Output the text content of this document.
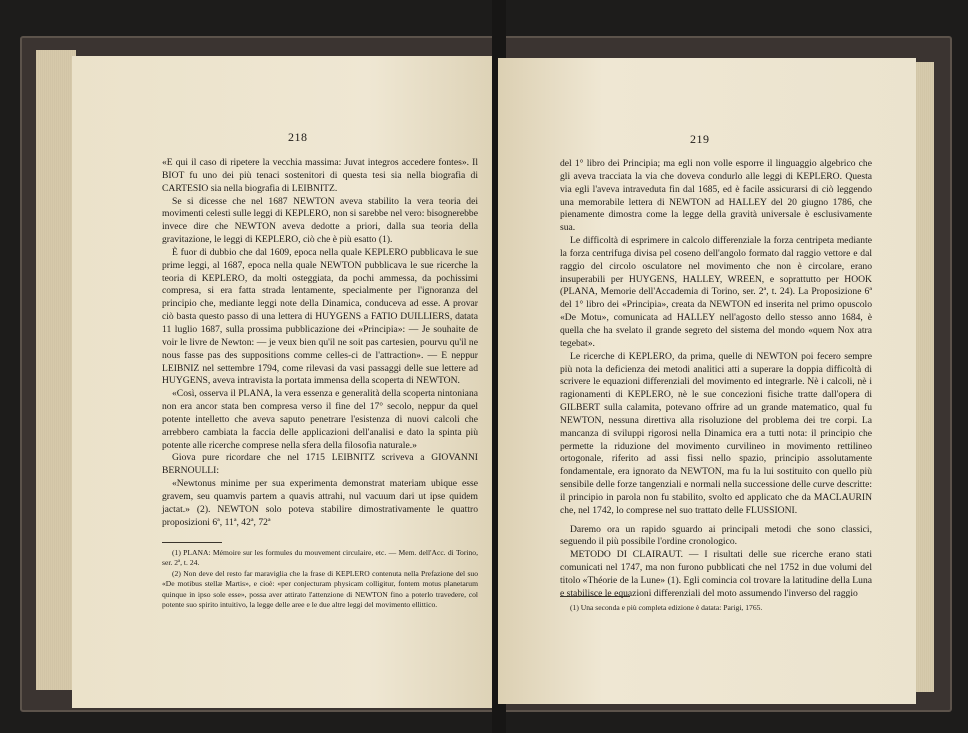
218

«E qui il caso di ripetere la vecchia massima: Juvat integros accedere fontes». Il BIOT fu uno dei più tenaci sostenitori di questa tesi sia nella biografia di CARTESIO sia nella biografia di LEIBNITZ.

Se si dicesse che nel 1687 NEWTON aveva stabilito la vera teoria dei movimenti celesti sulle leggi di KEPLERO, non si sarebbe nel vero: bisognerebbe invece dire che NEWTON aveva dedotte a priori, dalla sua teoria della gravitazione, le leggi di KEPLERO, ciò che è più esatto (1).

È fuor di dubbio che dal 1609, epoca nella quale KEPLERO pubblicava le sue prime leggi, al 1687, epoca nella quale NEWTON pubblicava le sue ricerche la teoria di KEPLERO, da molti osteggiata, da pochi ammessa, da pochissimi compresa, si era fatta strada lentamente, specialmente per l'ignoranza del principio che, mediante leggi note della Dinamica, conduceva ad esse. A provar ciò basta questo passo di una lettera di HUYGENS a FATIO DUILLIERS, datata 11 luglio 1687, sulla prossima pubblicazione dei «Principia»: — Je souhaite de voir le livre de Newton: — je veux bien qu'il ne soit pas cartesien, pourvu qu'il ne nous fasse pas des suppositions comme celles-ci de l'attraction». — E neppur LEIBNIZ nel settembre 1794, come rilevasi da vasi passaggi delle sue lettere ad HUYGENS, aveva intravista la portata immensa della scoperta di NEWTON.

«Così, osserva il PLANA, la vera essenza e generalità della scoperta nintoniana non era ancor stata ben compresa verso il fine del 17° secolo, neppur da quel potente intelletto che aveva saputo penetrare l'esistenza di nuovi calcoli che arrebbero cambiata la faccia delle applicazioni dell'analisi e dato la spinta più potente alle ricerche comprese nella sfera della filosofia naturale.»

Giova pure ricordare che nel 1715 LEIBNITZ scriveva a GIOVANNI BERNOULLI:

«Newtonus minime per sua experimenta demonstrat materiam ubique esse gravem, seu quamvis partem a quavis attrahi, nul vacuum dari ut ipse quidem jactat.» (2). NEWTON solo poteva stabilire dimostrativamente le quattro proposizioni 6ª, 11ª, 42ª, 72ª

(1) PLANA: Mémoire sur les formules du mouvement circulaire, etc. — Mem. dell'Acc. di Torino, ser. 2ª, t. 24.

(2) Non deve del resto far maraviglia che la frase di KEPLERO contenuta nella Prefazione del suo «De motibus stellæ Martis», e cioè: «per conjecturam physicam colligitur, fontem motus planetarum quinque in ipso sole esse», possa aver attirato l'attenzione di NEWTON fino a poterlo travedere, col potente suo spirito intuitivo, la legge delle aree e le due altre leggi del movimento ellittico.

219

del 1° libro dei Principia; ma egli non volle esporre il linguaggio algebrico che gli aveva tracciata la via che doveva condurlo alle leggi di KEPLERO. Questa via egli l'aveva intraveduta fin dal 1685, ed è facile assicurarsi di ciò leggendo una memorabile lettera di NEWTON ad HALLEY del 20 giugno 1786, che pienamente dimostra come la legge della gravità universale è esclusivamente sua.

Le difficoltà di esprimere in calcolo differenziale la forza centripeta mediante la forza centrifuga divisa pel coseno dell'angolo formato dal raggio vettore e dal raggio del circolo osculatore nel movimento che non è circolare, erano insuperabili per HUYGENS, HALLEY, WREEN, e soprattutto per HOOK (PLANA, Memorie dell'Accademia di Torino, ser. 2ª, t. 24). La Proposizione 6ª del 1° libro dei «Principia», creata da NEWTON ed inserita nel primo opuscolo «De Motu», comunicata ad HALLEY nell'agosto dello stesso anno 1684, è quella che ha svelato il grande segreto del sistema del mondo «quem Nox atra tegebat».

Le ricerche di KEPLERO, da prima, quelle di NEWTON poi fecero sempre più nota la deficienza dei metodi analitici atti a superare la doppia difficoltà di scrivere le equazioni differenziali del movimento ed integrarle. Nè i calcoli, nè i ragionamenti di KEPLERO, nè le sue concezioni fisiche tratte dall'opera di GILBERT sulla calamita, potevano offrire ad un grande matematico, qual fu NEWTON, nessuna direttiva alla risoluzione del problema dei tre corpi. La mancanza di sviluppi rigorosi nella Dinamica era a tutti nota: il principio che permette la riduzione del movimento curvilineo in movimento rettilineo ortogonale, riferito ad assi fissi nello spazio, principio assolutamente fondamentale, era ignorato da NEWTON, ma fu la lui sostituito con quello più sensibile delle forze tangenziali e normali nella successione delle curve descritte: il principio in parola non fu stabilito, svolto ed applicato che da MACLAURIN che, nel 1742, lo comprese nel suo trattato delle FLUSSIONI.

Daremo ora un rapido sguardo ai principali metodi che sono classici, seguendo il più possibile l'ordine cronologico.

METODO DI CLAIRAUT. — I risultati delle sue ricerche erano stati comunicati nel 1747, ma non furono pubblicati che nel 1752 in due volumi del titolo «Théorie de la Lune» (1). Egli comincia col trovare la latitudine della Luna e stabilisce le equazioni differenziali del moto assumendo l'inverso del raggio

(1) Una seconda e più completa edizione è datata: Parigi, 1765.
